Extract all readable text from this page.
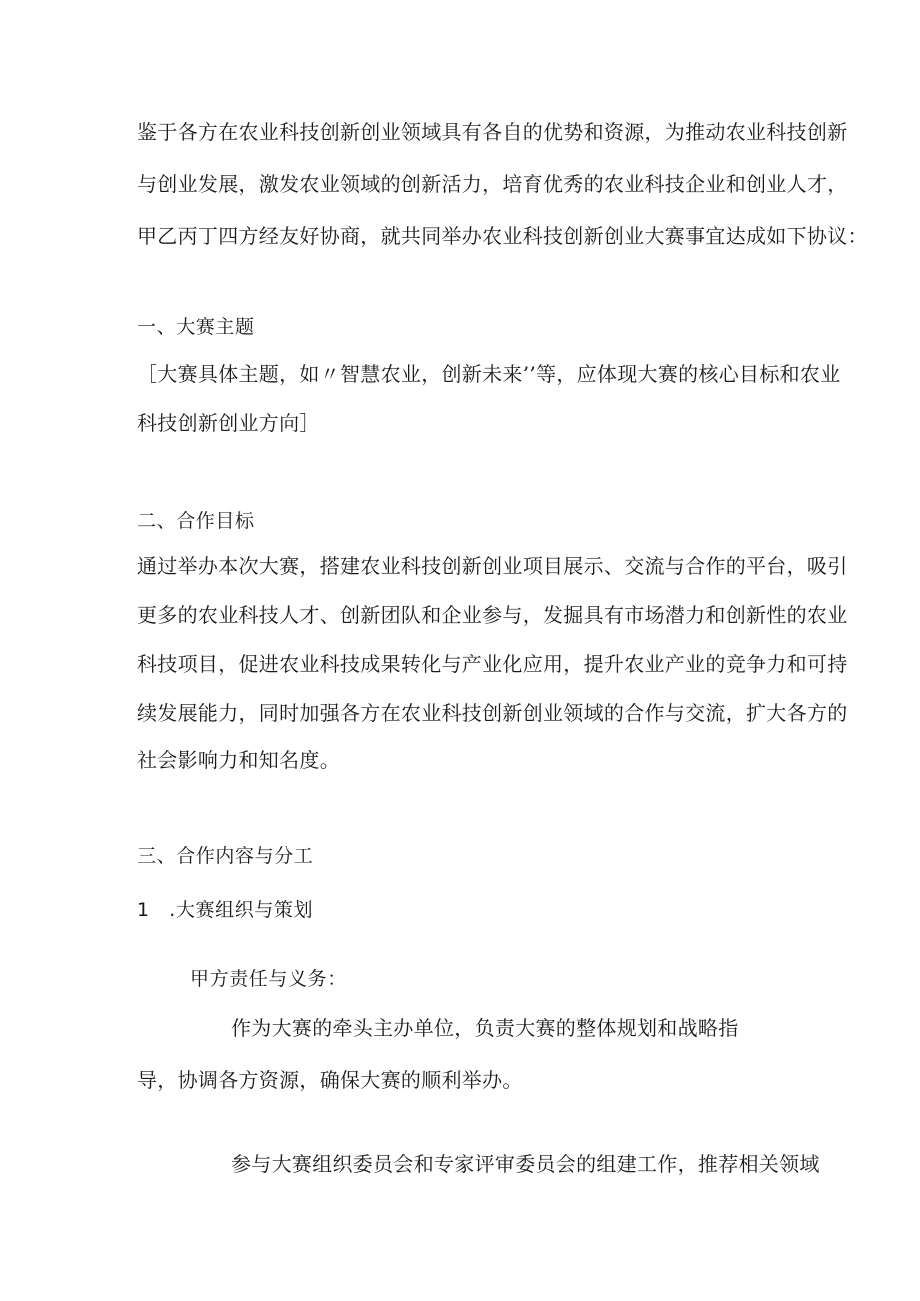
鉴于各方在农业科技创新创业领域具有各自的优势和资源，为推动农业科技创新
与创业发展，激发农业领域的创新活力，培育优秀的农业科技企业和创业人才，
甲乙丙丁四方经友好协商，就共同举办农业科技创新创业大赛事宜达成如下协议：
一、大赛主题
［大赛具体主题，如〃智慧农业，创新未来’’等，应体现大赛的核心目标和农业
科技创新创业方向］
二、合作目标
通过举办本次大赛，搭建农业科技创新创业项目展示、交流与合作的平台，吸引
更多的农业科技人才、创新团队和企业参与，发掘具有市场潜力和创新性的农业
科技项目，促进农业科技成果转化与产业化应用，提升农业产业的竞争力和可持
续发展能力，同时加强各方在农业科技创新创业领域的合作与交流，扩大各方的
社会影响力和知名度。
三、合作内容与分工
1　.大赛组织与策划
甲方责任与义务：
作为大赛的牵头主办单位，负责大赛的整体规划和战略指
导，协调各方资源，确保大赛的顺利举办。
参与大赛组织委员会和专家评审委员会的组建工作，推荐相关领域
